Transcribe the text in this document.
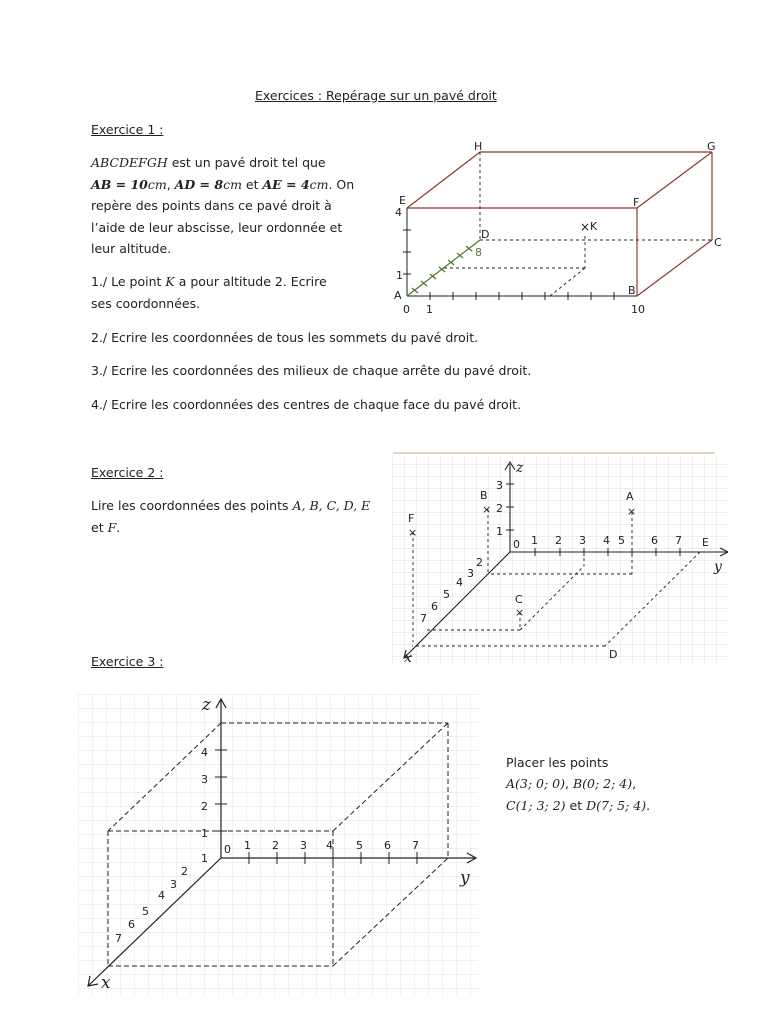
Exercices : Repérage sur un pavé droit
Exercice 1 :
ABCDEFGH est un pavé droit tel que
AB = 10cm, AD = 8cm et AE = 4cm. On
repère des points dans ce pavé droit à
l’aide de leur abscisse, leur ordonnée et
leur altitude.
1./ Le point K a pour altitude 2. Ecrire
ses coordonnées.
2./ Ecrire les coordonnées de tous les sommets du pavé droit.
3./ Ecrire les coordonnées des milieux de chaque arrête du pavé droit.
4./ Ecrire les coordonnées des centres de chaque face du pavé droit.
H	G
E	F
D
× K
C
A	B
4
1
0 1	10
8
Exercice 2 :
Lire les coordonnées des points A, B, C, D, E
et F.
z
y
x
0 1 2 3 4 5 6 7
1
2
3
2
3
4
5
6
7
F
×
B
×
A
×
C
×
D
E
Exercice 3 :
z
y
x
1
2
3
4
0 1 2 3 4 5 6 7
1
2
3
4
5
6
7
Placer les points
A(3; 0; 0), B(0; 2; 4),
C(1; 3; 2) et D(7; 5; 4).
